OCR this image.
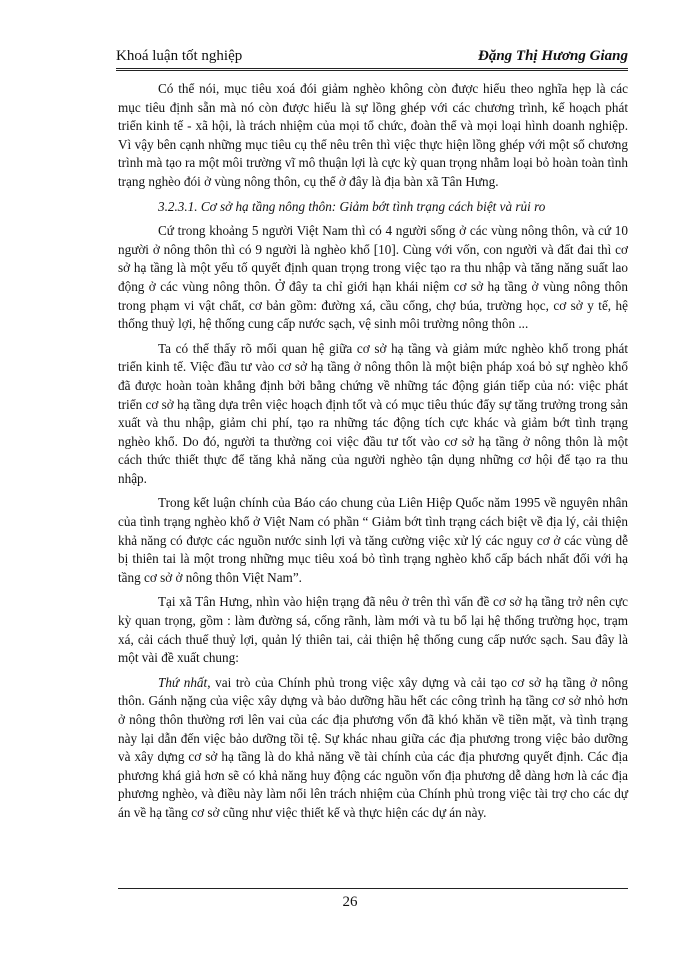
Khoá luận tốt nghiệp	Đặng Thị Hương Giang

Có thể nói, mục tiêu xoá đói giảm nghèo không còn được hiểu theo nghĩa hẹp là các mục tiêu định sẵn mà nó còn được hiểu là sự lồng ghép với các chương trình, kế hoạch phát triển kinh tế - xã hội, là trách nhiệm của mọi tổ chức, đoàn thể và mọi loại hình doanh nghiệp. Vì vậy bên cạnh những mục tiêu cụ thể nêu trên thì việc thực hiện lồng ghép với một số chương trình mà tạo ra một môi trường vĩ mô thuận lợi là cực kỳ quan trọng nhằm loại bỏ hoàn toàn tình trạng nghèo đói ở vùng nông thôn, cụ thể ở đây là địa bàn xã Tân Hưng.

3.2.3.1. Cơ sở hạ tầng nông thôn: Giảm bớt tình trạng cách biệt và rủi ro

Cứ trong khoảng 5 người Việt Nam thì có 4 người sống ở các vùng nông thôn, và cứ 10 người ở nông thôn thì có 9 người là nghèo khổ [10]. Cùng với vốn, con người và đất đai thì cơ sở hạ tầng là một yếu tố quyết định quan trọng trong việc tạo ra thu nhập và tăng năng suất lao động ở các vùng nông thôn. Ở đây ta chỉ giới hạn khái niệm cơ sở hạ tầng ở vùng nông thôn trong phạm vi vật chất, cơ bản gồm: đường xá, cầu cống, chợ búa, trường học, cơ sở y tế, hệ thống thuỷ lợi, hệ thống cung cấp nước sạch, vệ sinh môi trường nông thôn ...

Ta có thể thấy rõ mối quan hệ giữa cơ sở hạ tầng và giảm mức nghèo khổ trong phát triển kinh tế. Việc đầu tư vào cơ sở hạ tầng ở nông thôn là một biện pháp xoá bỏ sự nghèo khổ đã được hoàn toàn khẳng định bởi bằng chứng về những tác động gián tiếp của nó: việc phát triển cơ sở hạ tầng dựa trên việc hoạch định tốt và có mục tiêu thúc đẩy sự tăng trưởng trong sản xuất và thu nhập, giảm chi phí, tạo ra những tác động tích cực khác và giảm bớt tình trạng nghèo khổ. Do đó, người ta thường coi việc đầu tư tốt vào cơ sở hạ tầng ở nông thôn là một cách thức thiết thực để tăng khả năng của người nghèo tận dụng những cơ hội để tạo ra thu nhập.

Trong kết luận chính của Báo cáo chung của Liên Hiệp Quốc năm 1995 về nguyên nhân của tình trạng nghèo khổ ở Việt Nam có phần “ Giảm bớt tình trạng cách biệt về địa lý, cải thiện khả năng có được các nguồn nước sinh lợi và tăng cường việc xử lý các nguy cơ ở các vùng dễ bị thiên tai là một trong những mục tiêu xoá bỏ tình trạng nghèo khổ cấp bách nhất đối với hạ tầng cơ sở ở nông thôn Việt Nam”.

Tại xã Tân Hưng, nhìn vào hiện trạng đã nêu ở trên thì vấn đề cơ sở hạ tầng trở nên cực kỳ quan trọng, gồm : làm đường sá, cống rãnh, làm mới và tu bổ lại hệ thống trường học, trạm xá, cải cách thuế thuỷ lợi, quản lý thiên tai, cải thiện hệ thống cung cấp nước sạch. Sau đây là một vài đề xuất chung:

Thứ nhất, vai trò của Chính phủ trong việc xây dựng và cải tạo cơ sở hạ tầng ở nông thôn. Gánh nặng của việc xây dựng và bảo dưỡng hầu hết các công trình hạ tầng cơ sở nhỏ hơn ở nông thôn thường rơi lên vai của các địa phương vốn đã khó khăn về tiền mặt, và tình trạng này lại dẫn đến việc bảo dưỡng tồi tệ. Sự khác nhau giữa các địa phương trong việc bảo dưỡng và xây dựng cơ sở hạ tầng là do khả năng về tài chính của các địa phương quyết định. Các địa phương khá giả hơn sẽ có khả năng huy động các nguồn vốn địa phương dễ dàng hơn là các địa phương nghèo, và điều này làm nổi lên trách nhiệm của Chính phủ trong việc tài trợ cho các dự án về hạ tầng cơ sở cũng như việc thiết kế và thực hiện các dự án này.

26
